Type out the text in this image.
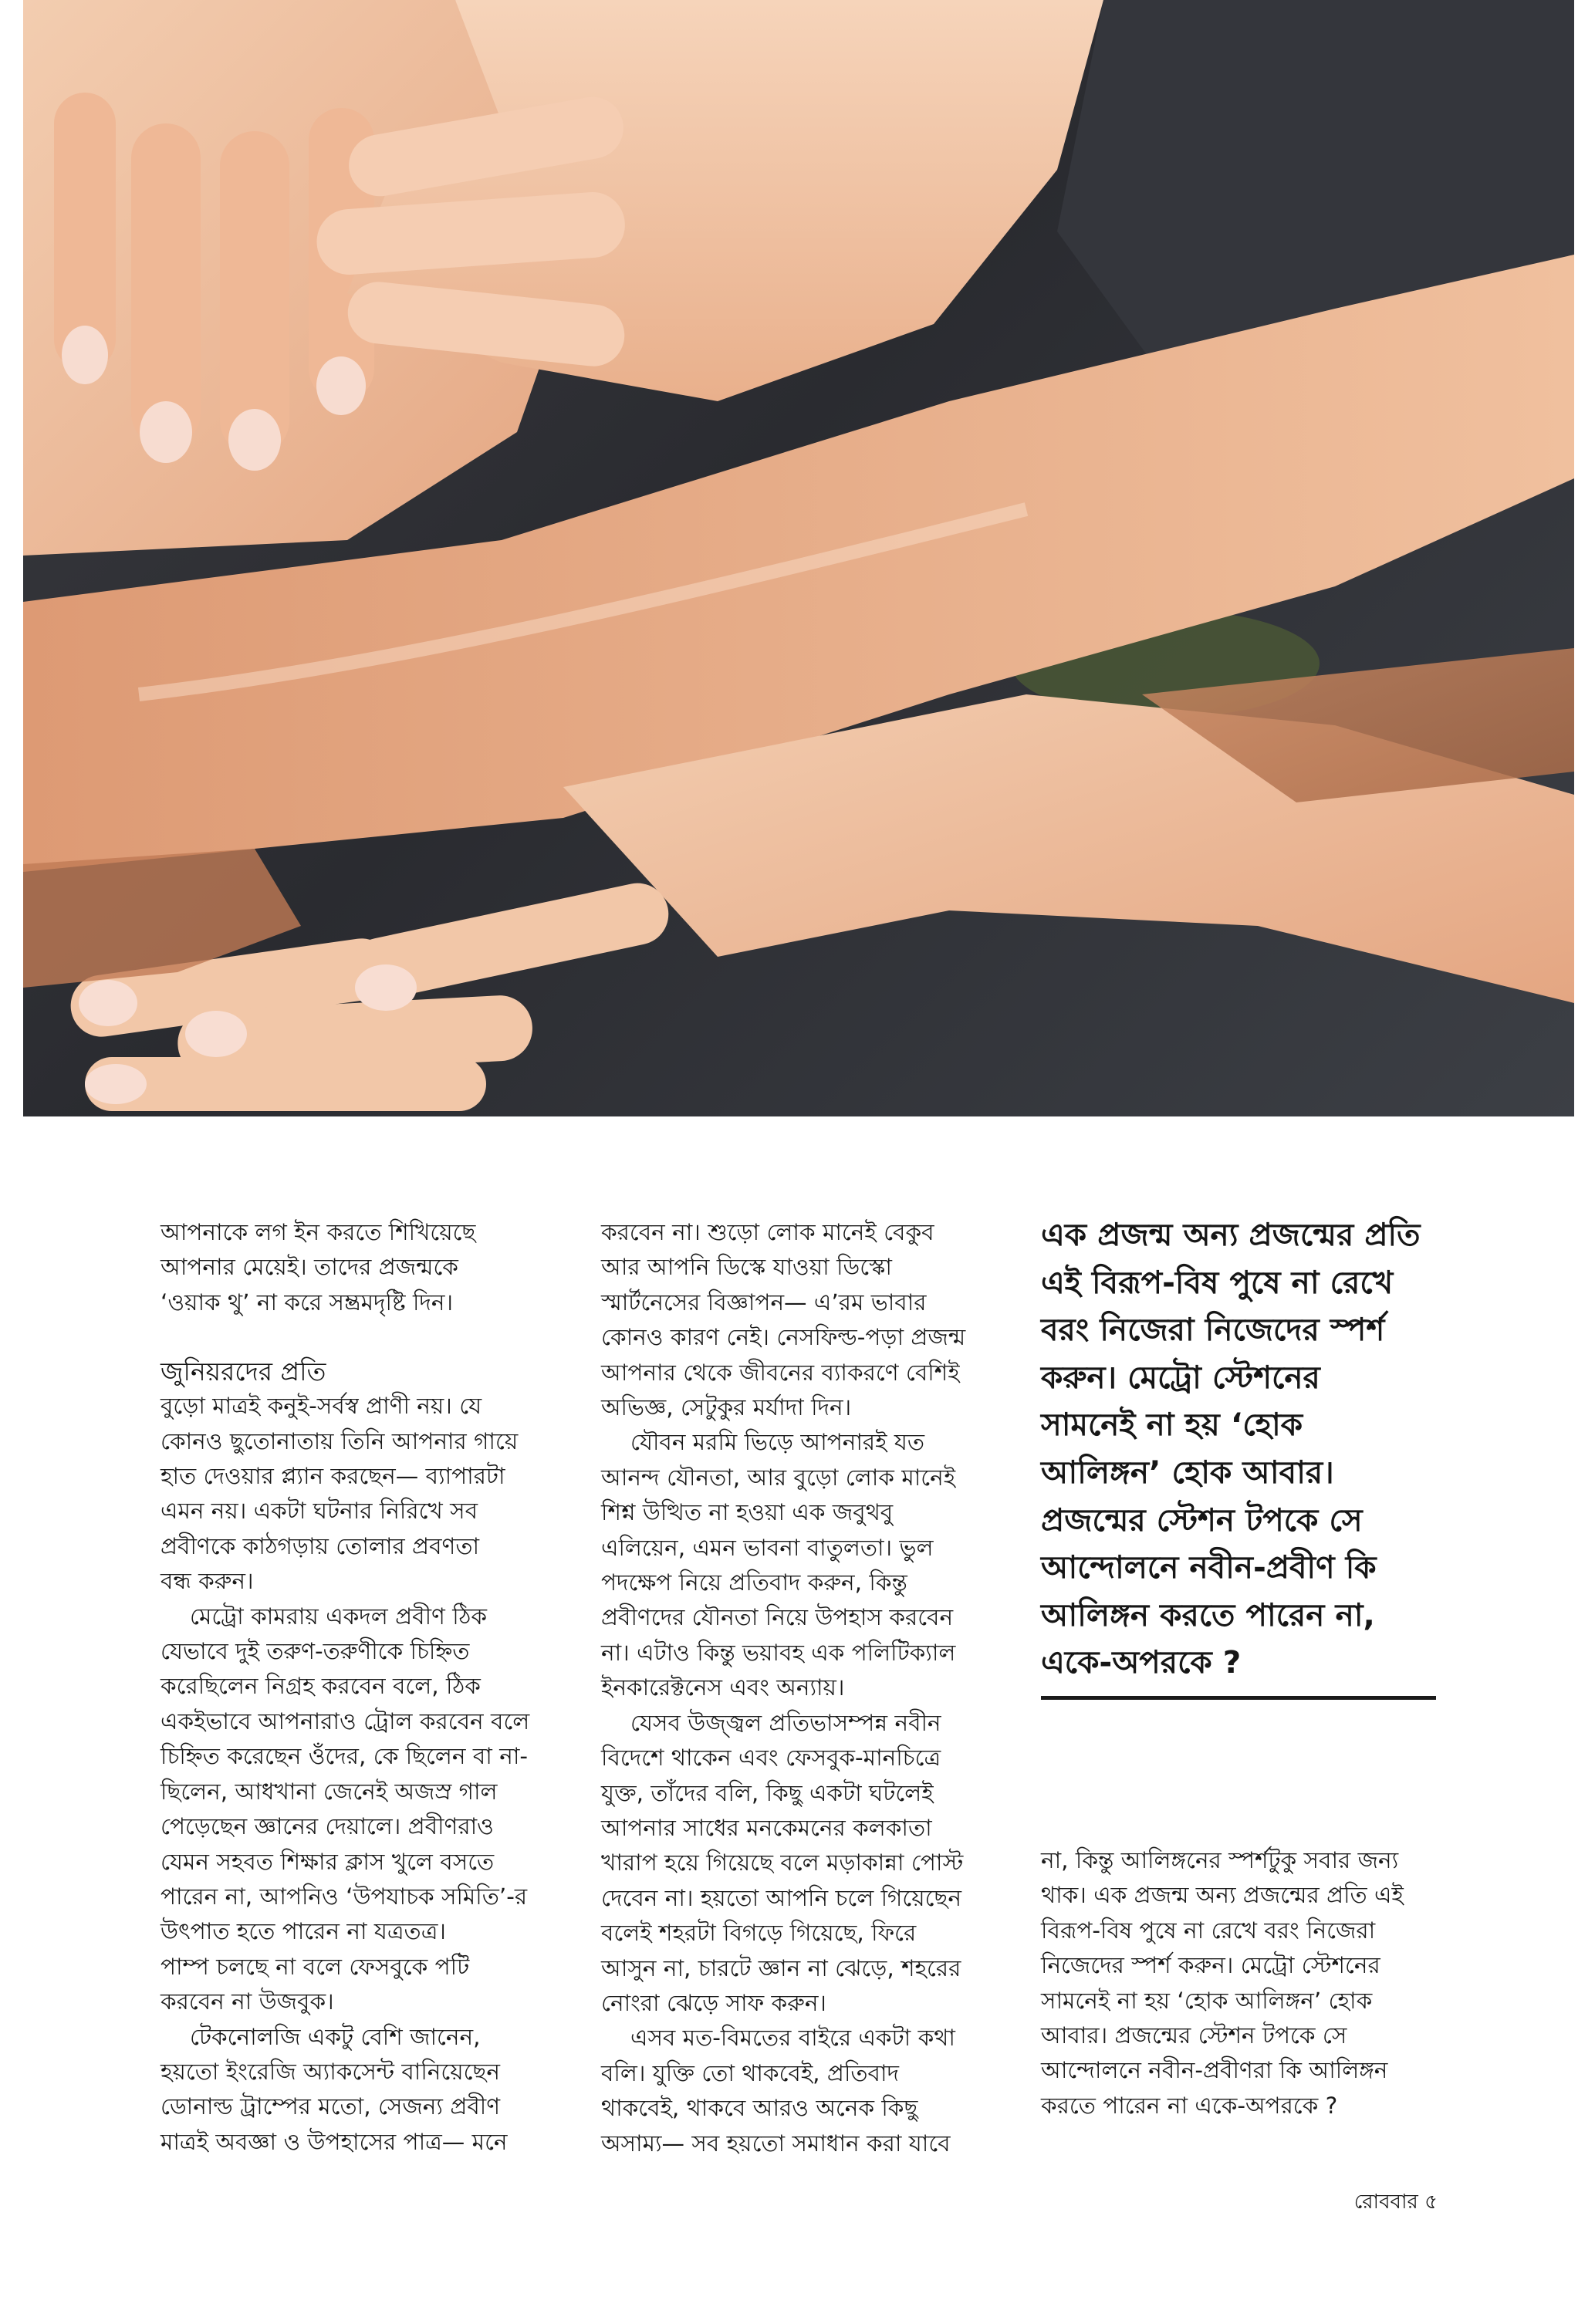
আপনাকে লগ ইন করতে শিখিয়েছে
আপনার মেয়েই। তাদের প্রজন্মকে
‘ওয়াক থু’ না করে সম্ভ্রমদৃষ্টি দিন।

জুনিয়রদের প্রতি

বুড়ো মাত্রই কনুই-সর্বস্ব প্রাণী নয়। যে
কোনও ছুতোনাতায় তিনি আপনার গায়ে
হাত দেওয়ার প্ল্যান করছেন— ব্যাপারটা
এমন নয়। একটা ঘটনার নিরিখে সব
প্রবীণকে কাঠগড়ায় তোলার প্রবণতা
বন্ধ করুন।

মেট্রো কামরায় একদল প্রবীণ ঠিক
যেভাবে দুই তরুণ-তরুণীকে চিহ্নিত
করেছিলেন নিগ্রহ করবেন বলে, ঠিক
একইভাবে আপনারাও ট্রোল করবেন বলে
চিহ্নিত করেছেন ওঁদের, কে ছিলেন বা না-
ছিলেন, আধখানা জেনেই অজস্র গাল
পেড়েছেন জ্ঞানের দেয়ালে। প্রবীণরাও
যেমন সহবত শিক্ষার ক্লাস খুলে বসতে
পারেন না, আপনিও ‘উপযাচক সমিতি’-র
উৎপাত হতে পারেন না যত্রতত্র।
পাম্প চলছে না বলে ফেসবুকে পটি
করবেন না উজবুক।

টেকনোলজি একটু বেশি জানেন,
হয়তো ইংরেজি অ্যাকসেন্ট বানিয়েছেন
ডোনাল্ড ট্রাম্পের মতো, সেজন্য প্রবীণ
মাত্রই অবজ্ঞা ও উপহাসের পাত্র— মনে

করবেন না। শুড়ো লোক মানেই বেকুব
আর আপনি ডিস্কে যাওয়া ডিস্কো
স্মার্টনেসের বিজ্ঞাপন— এ’রম ভাবার
কোনও কারণ নেই। নেসফিল্ড-পড়া প্রজন্ম
আপনার থেকে জীবনের ব্যাকরণে বেশিই
অভিজ্ঞ, সেটুকুর মর্যাদা দিন।

যৌবন মরমি ভিড়ে আপনারই যত
আনন্দ যৌনতা, আর বুড়ো লোক মানেই
শিশ্ন উত্থিত না হওয়া এক জবুথবু
এলিয়েন, এমন ভাবনা বাতুলতা। ভুল
পদক্ষেপ নিয়ে প্রতিবাদ করুন, কিন্তু
প্রবীণদের যৌনতা নিয়ে উপহাস করবেন
না। এটাও কিন্তু ভয়াবহ এক পলিটিক্যাল
ইনকারেক্টনেস এবং অন্যায়।

যেসব উজ্জ্বল প্রতিভাসম্পন্ন নবীন
বিদেশে থাকেন এবং ফেসবুক-মানচিত্রে
যুক্ত, তাঁদের বলি, কিছু একটা ঘটলেই
আপনার সাধের মনকেমনের কলকাতা
খারাপ হয়ে গিয়েছে বলে মড়াকান্না পোস্ট
দেবেন না। হয়তো আপনি চলে গিয়েছেন
বলেই শহরটা বিগড়ে গিয়েছে, ফিরে
আসুন না, চারটে জ্ঞান না ঝেড়ে, শহরের
নোংরা ঝেড়ে সাফ করুন।

এসব মত-বিমতের বাইরে একটা কথা
বলি। যুক্তি তো থাকবেই, প্রতিবাদ
থাকবেই, থাকবে আরও অনেক কিছু
অসাম্য— সব হয়তো সমাধান করা যাবে

এক প্রজন্ম অন্য প্রজন্মের প্রতি
এই বিরূপ-বিষ পুষে না রেখে
বরং নিজেরা নিজেদের স্পর্শ
করুন। মেট্রো স্টেশনের
সামনেই না হয় ‘হোক
আলিঙ্গন’ হোক আবার।
প্রজন্মের স্টেশন টপকে সে
আন্দোলনে নবীন-প্রবীণ কি
আলিঙ্গন করতে পারেন না,
একে-অপরকে ?

না, কিন্তু আলিঙ্গনের স্পর্শটুকু সবার জন্য
থাক। এক প্রজন্ম অন্য প্রজন্মের প্রতি এই
বিরূপ-বিষ পুষে না রেখে বরং নিজেরা
নিজেদের স্পর্শ করুন। মেট্রো স্টেশনের
সামনেই না হয় ‘হোক আলিঙ্গন’ হোক
আবার। প্রজন্মের স্টেশন টপকে সে
আন্দোলনে নবীন-প্রবীণরা কি আলিঙ্গন
করতে পারেন না একে-অপরকে ?

রোববার ৫
